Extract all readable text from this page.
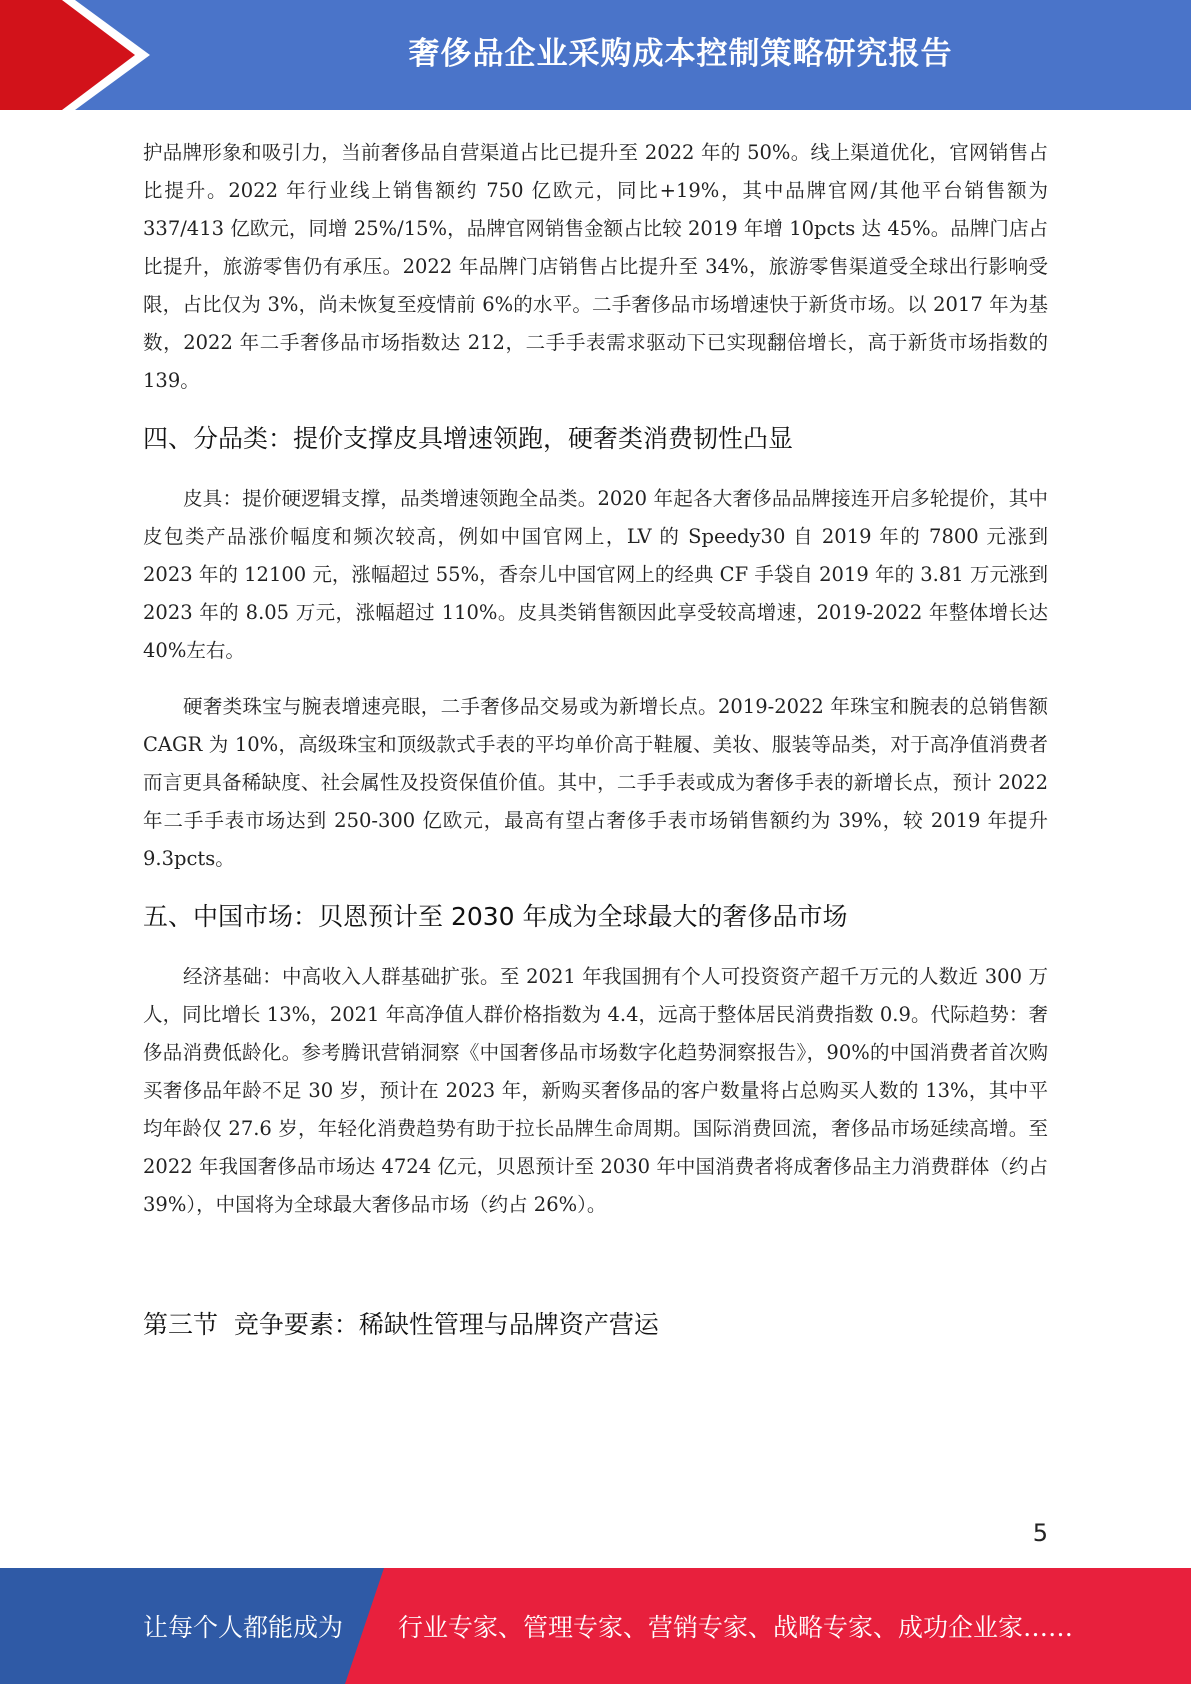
奢侈品企业采购成本控制策略研究报告

护品牌形象和吸引力，当前奢侈品自营渠道占比已提升至 2022 年的 50%。线上渠道优化，官网销售占比提升。2022 年行业线上销售额约 750 亿欧元，同比+19%，其中品牌官网/其他平台销售额为 337/413 亿欧元，同增 25%/15%，品牌官网销售金额占比较 2019 年增 10pcts 达 45%。品牌门店占比提升，旅游零售仍有承压。2022 年品牌门店销售占比提升至 34%，旅游零售渠道受全球出行影响受限，占比仅为 3%，尚未恢复至疫情前 6%的水平。二手奢侈品市场增速快于新货市场。以 2017 年为基数，2022 年二手奢侈品市场指数达 212，二手手表需求驱动下已实现翻倍增长，高于新货市场指数的 139。

四、分品类：提价支撑皮具增速领跑，硬奢类消费韧性凸显

皮具：提价硬逻辑支撑，品类增速领跑全品类。2020 年起各大奢侈品品牌接连开启多轮提价，其中皮包类产品涨价幅度和频次较高，例如中国官网上，LV 的 Speedy30 自 2019 年的 7800 元涨到 2023 年的 12100 元，涨幅超过 55%，香奈儿中国官网上的经典 CF 手袋自 2019 年的 3.81 万元涨到 2023 年的 8.05 万元，涨幅超过 110%。皮具类销售额因此享受较高增速，2019-2022 年整体增长达 40%左右。

硬奢类珠宝与腕表增速亮眼，二手奢侈品交易或为新增长点。2019-2022 年珠宝和腕表的总销售额 CAGR 为 10%，高级珠宝和顶级款式手表的平均单价高于鞋履、美妆、服装等品类，对于高净值消费者而言更具备稀缺度、社会属性及投资保值价值。其中，二手手表或成为奢侈手表的新增长点，预计 2022 年二手手表市场达到 250-300 亿欧元，最高有望占奢侈手表市场销售额约为 39%，较 2019 年提升 9.3pcts。

五、中国市场：贝恩预计至 2030 年成为全球最大的奢侈品市场

经济基础：中高收入人群基础扩张。至 2021 年我国拥有个人可投资资产超千万元的人数近 300 万人，同比增长 13%，2021 年高净值人群价格指数为 4.4，远高于整体居民消费指数 0.9。代际趋势：奢侈品消费低龄化。参考腾讯营销洞察《中国奢侈品市场数字化趋势洞察报告》，90%的中国消费者首次购买奢侈品年龄不足 30 岁，预计在 2023 年，新购买奢侈品的客户数量将占总购买人数的 13%，其中平均年龄仅 27.6 岁，年轻化消费趋势有助于拉长品牌生命周期。国际消费回流，奢侈品市场延续高增。至 2022 年我国奢侈品市场达 4724 亿元，贝恩预计至 2030 年中国消费者将成奢侈品主力消费群体（约占 39%），中国将为全球最大奢侈品市场（约占 26%）。

第三节  竞争要素：稀缺性管理与品牌资产营运
5
让每个人都能成为 行业专家、管理专家、营销专家、战略专家、成功企业家……
